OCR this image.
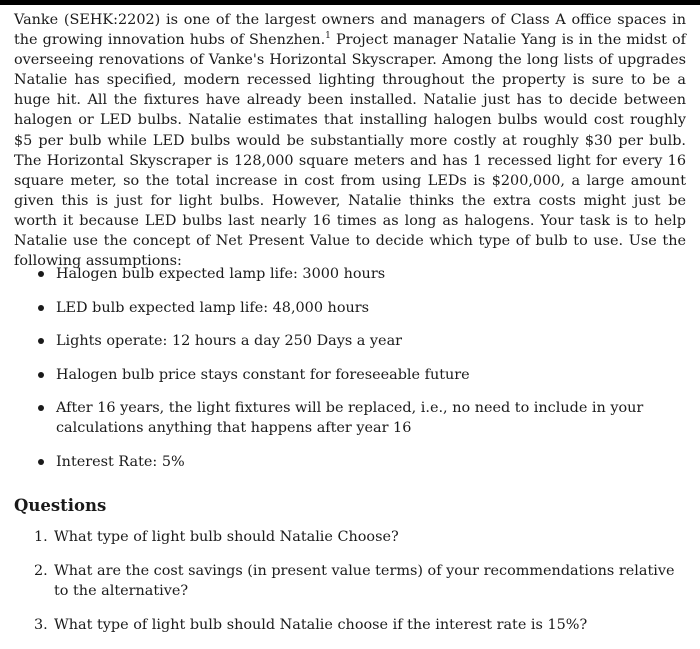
Vanke (SEHK:2202) is one of the largest owners and managers of Class A office spaces in the growing innovation hubs of Shenzhen.$^1$ Project manager Natalie Yang is in the midst of overseeing renovations of Vanke's Horizontal Skyscraper. Among the long lists of upgrades Natalie has specified, modern recessed lighting throughout the property is sure to be a huge hit. All the fixtures have already been installed. Natalie just has to decide between halogen or LED bulbs. Natalie estimates that installing halogen bulbs would cost roughly $5 per bulb while LED bulbs would be substantially more costly at roughly $30 per bulb. The Horizontal Skyscraper is 128,000 square meters and has 1 recessed light for every 16 square meter, so the total increase in cost from using LEDs is $200,000, a large amount given this is just for light bulbs. However, Natalie thinks the extra costs might just be worth it because LED bulbs last nearly 16 times as long as halogens. Your task is to help Natalie use the concept of Net Present Value to decide which type of bulb to use. Use the following assumptions:

Halogen bulb expected lamp life: 3000 hours
LED bulb expected lamp life: 48,000 hours
Lights operate: 12 hours a day 250 Days a year
Halogen bulb price stays constant for foreseeable future
After 16 years, the light fixtures will be replaced, i.e., no need to include in your calculations anything that happens after year 16
Interest Rate: 5%
Questions
1. What type of light bulb should Natalie Choose?
2. What are the cost savings (in present value terms) of your recommendations relative to the alternative?
3. What type of light bulb should Natalie choose if the interest rate is 15%?
